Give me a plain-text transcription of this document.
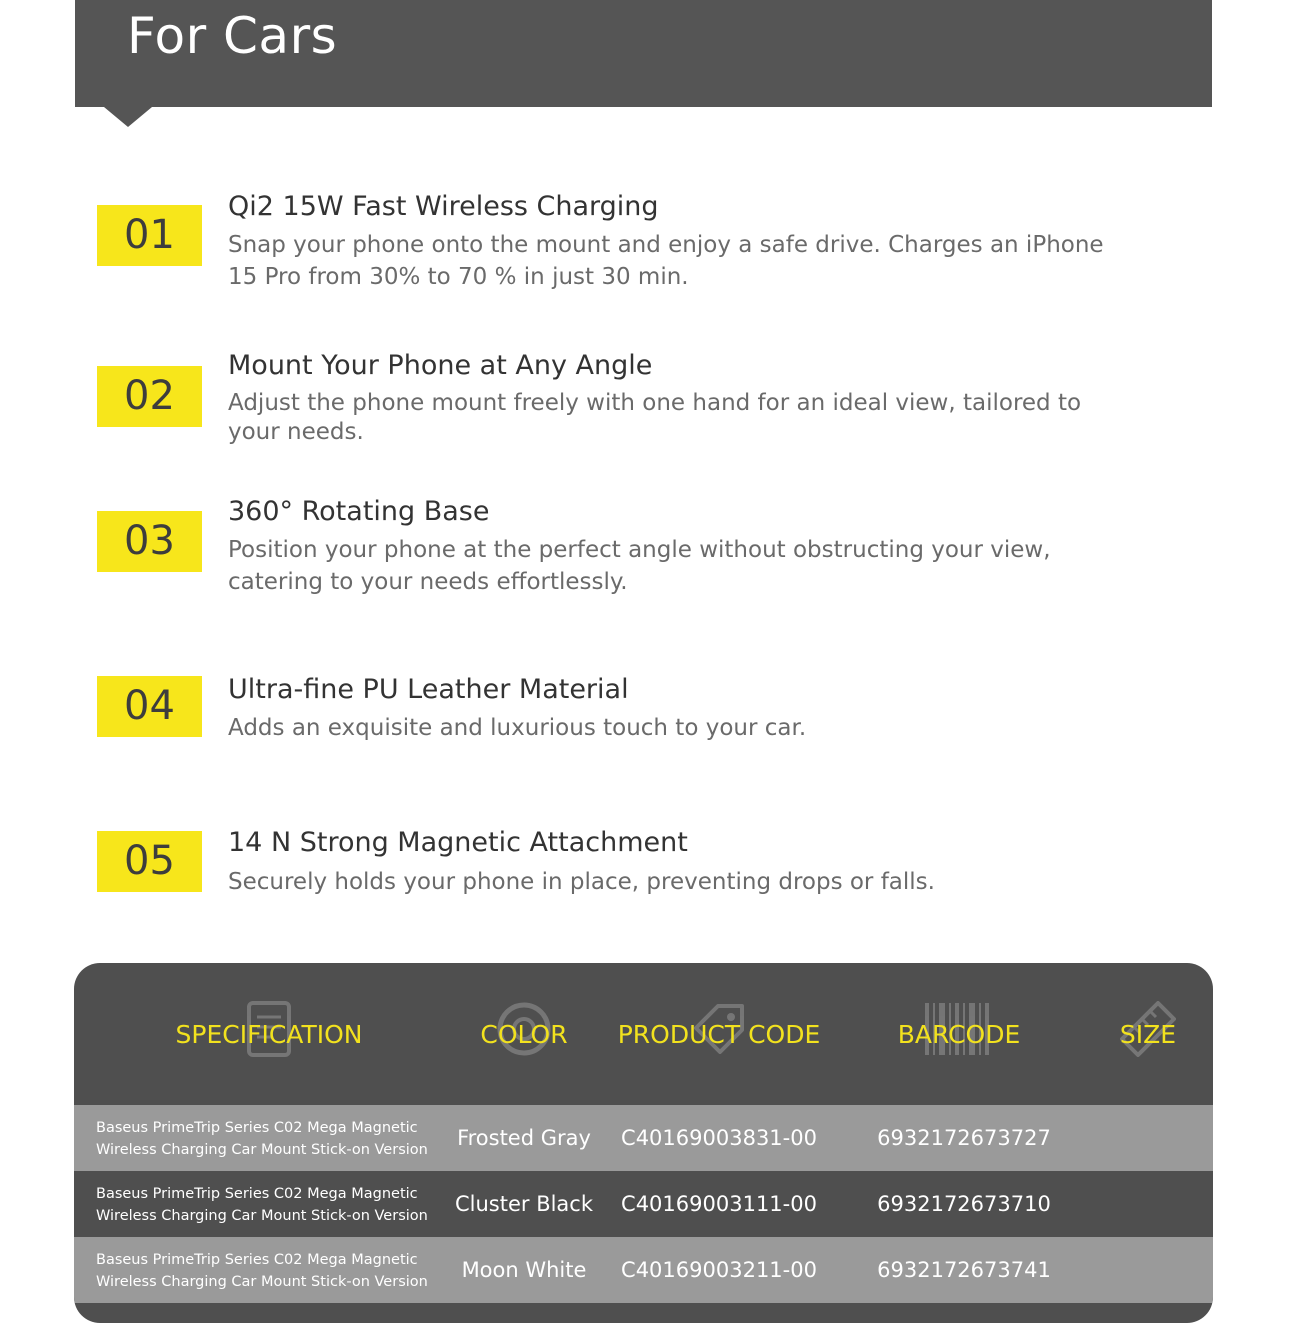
For Cars
01
Qi2 15W Fast Wireless Charging
Snap your phone onto the mount and enjoy a safe drive. Charges an iPhone 15 Pro from 30% to 70 % in just 30 min.
02
Mount Your Phone at Any Angle
Adjust the phone mount freely with one hand for an ideal view, tailored to your needs.
03
360° Rotating Base
Position your phone at the perfect angle without obstructing your view, catering to your needs effortlessly.
04	Ultra-fine PU Leather Material
Adds an exquisite and luxurious touch to your car.
05	14 N Strong Magnetic Attachment
Securely holds your phone in place, preventing drops or falls.
SPECIFICATION	COLOR	PRODUCT CODE	BARCODE	SIZE
Baseus PrimeTrip Series C02 Mega Magnetic
Wireless Charging Car Mount Stick-on Version	Frosted Gray	C40169003831-00	6932172673727
Baseus PrimeTrip Series C02 Mega Magnetic
Wireless Charging Car Mount Stick-on Version	Cluster Black	C40169003111-00	6932172673710
Baseus PrimeTrip Series C02 Mega Magnetic
Wireless Charging Car Mount Stick-on Version	Moon White	C40169003211-00	6932172673741
